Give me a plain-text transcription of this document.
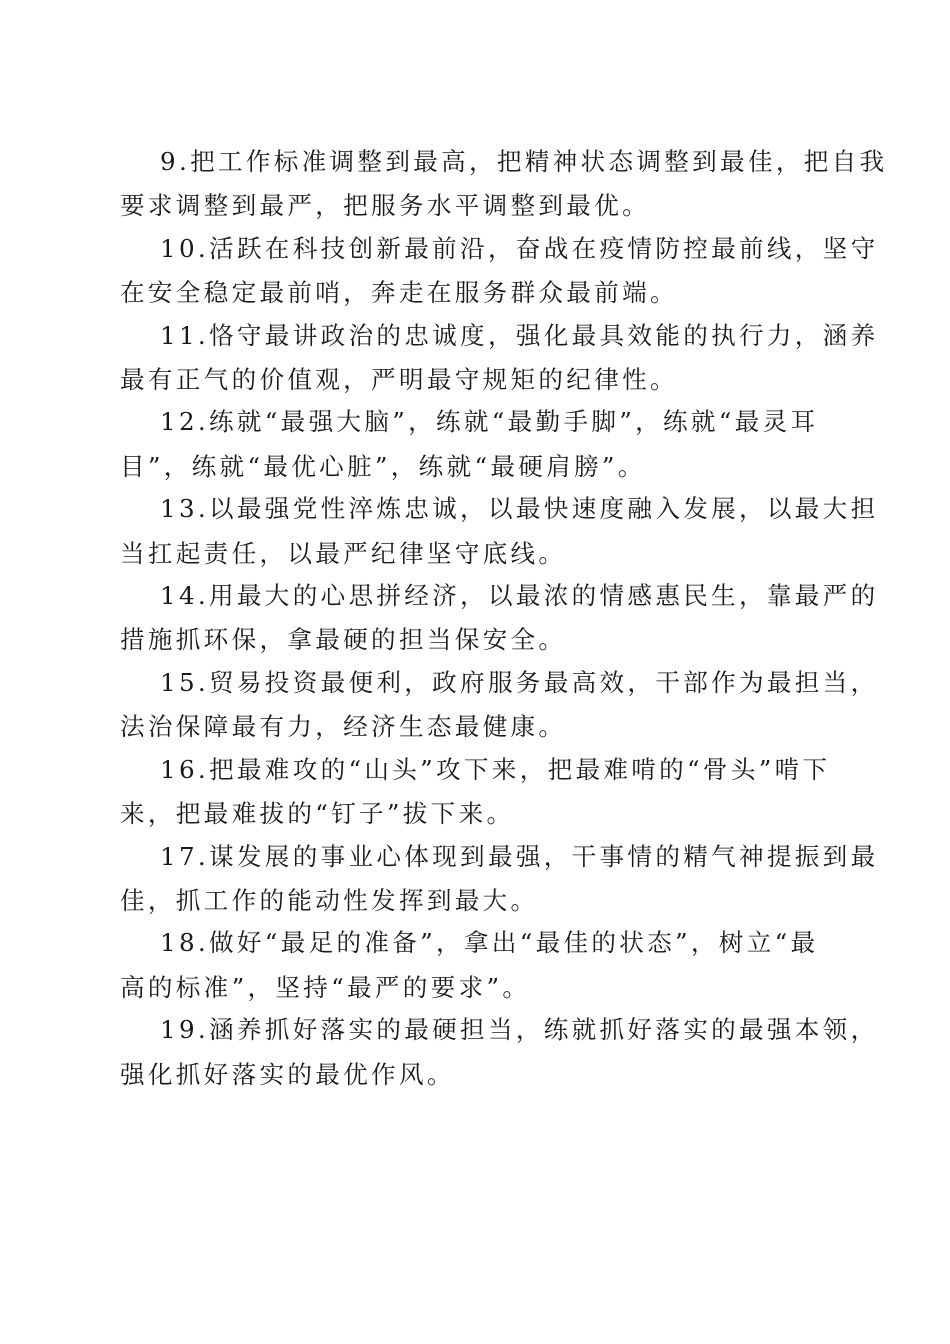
9.把工作标准调整到最高，把精神状态调整到最佳，把自我
要求调整到最严，把服务水平调整到最优。

10.活跃在科技创新最前沿，奋战在疫情防控最前线，坚守
在安全稳定最前哨，奔走在服务群众最前端。

11.恪守最讲政治的忠诚度，强化最具效能的执行力，涵养
最有正气的价值观，严明最守规矩的纪律性。

12.练就“最强大脑”，练就“最勤手脚”，练就“最灵耳
目”，练就“最优心脏”，练就“最硬肩膀”。

13.以最强党性淬炼忠诚，以最快速度融入发展，以最大担
当扛起责任，以最严纪律坚守底线。

14.用最大的心思拼经济，以最浓的情感惠民生，靠最严的
措施抓环保，拿最硬的担当保安全。

15.贸易投资最便利，政府服务最高效，干部作为最担当，
法治保障最有力，经济生态最健康。

16.把最难攻的“山头”攻下来，把最难啃的“骨头”啃下
来，把最难拔的“钉子”拔下来。

17.谋发展的事业心体现到最强，干事情的精气神提振到最
佳，抓工作的能动性发挥到最大。

18.做好“最足的准备”，拿出“最佳的状态”，树立“最
高的标准”，坚持“最严的要求”。

19.涵养抓好落实的最硬担当，练就抓好落实的最强本领，
强化抓好落实的最优作风。
